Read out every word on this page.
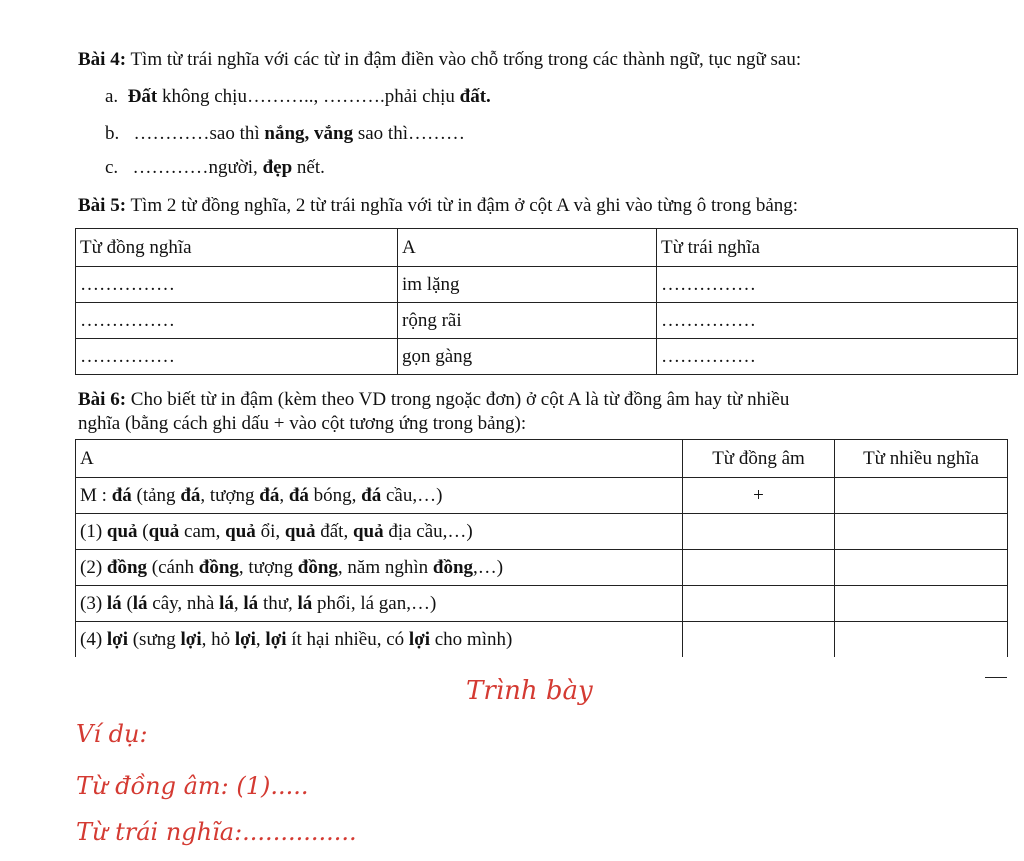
Bài 4: Tìm từ trái nghĩa với các từ in đậm điền vào chỗ trống trong các thành ngữ, tục ngữ sau:
a. Đất không chịu……….., ……….phải chịu đất.
b. …………sao thì nắng, vắng sao thì………
c. …………người, đẹp nết.
Bài 5: Tìm 2 từ đồng nghĩa, 2 từ trái nghĩa với từ in đậm ở cột A và ghi vào từng ô trong bảng:
Từ đồng nghĩa	A	Từ trái nghĩa
……………	im lặng	……………
……………	rộng rãi	……………
……………	gọn gàng	……………
Bài 6: Cho biết từ in đậm (kèm theo VD trong ngoặc đơn) ở cột A là từ đồng âm hay từ nhiều
nghĩa (bằng cách ghi dấu + vào cột tương ứng trong bảng):
A	Từ đồng âm	Từ nhiều nghĩa
M : đá (tảng đá, tượng đá, đá bóng, đá cầu,…)	+	
(1) quả (quả cam, quả ổi, quả đất, quả địa cầu,…)		
(2) đồng (cánh đồng, tượng đồng, năm nghìn đồng,…)		
(3) lá (lá cây, nhà lá, lá thư, lá phổi, lá gan,…)		
(4) lợi (sưng lợi, hỏ lợi, lợi ít hại nhiều, có lợi cho mình)		
Trình bày
Ví dụ:
Từ đồng âm: (1).....
Từ trái nghĩa:...............
